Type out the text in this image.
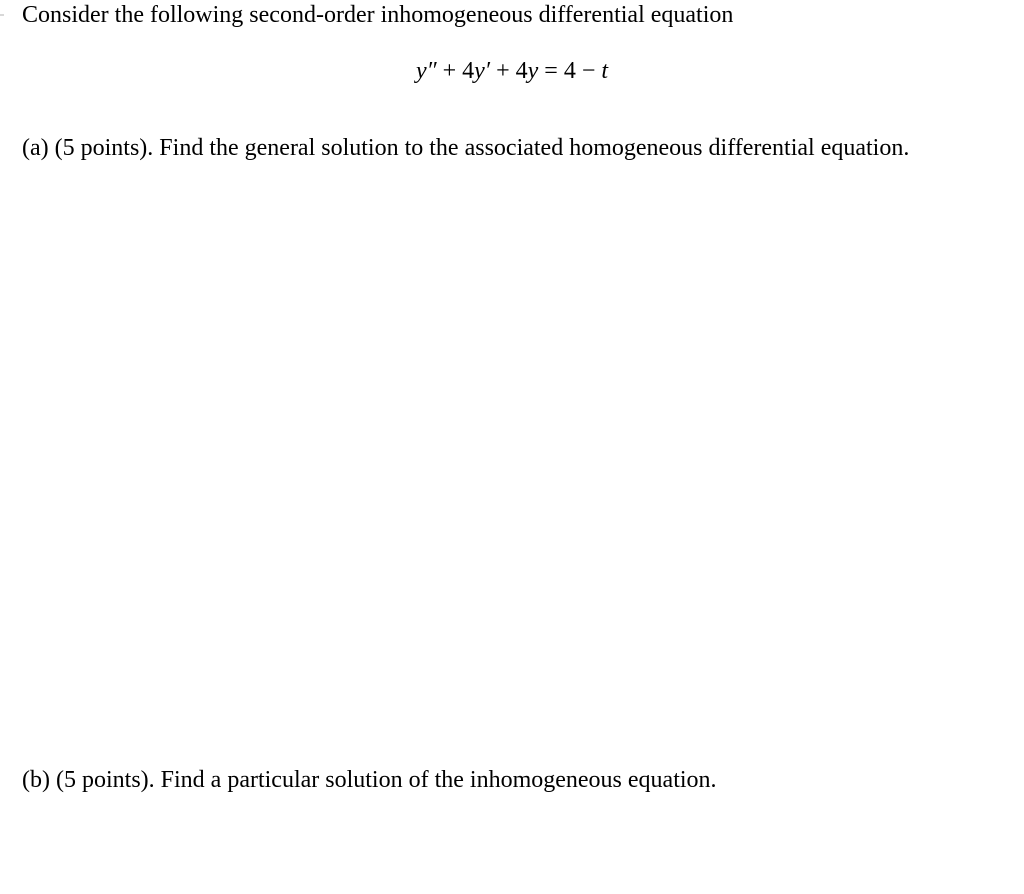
Consider the following second-order inhomogeneous differential equation
y″ + 4y′ + 4y = 4 − t
(a) (5 points). Find the general solution to the associated homogeneous differential equation.
(b) (5 points). Find a particular solution of the inhomogeneous equation.
